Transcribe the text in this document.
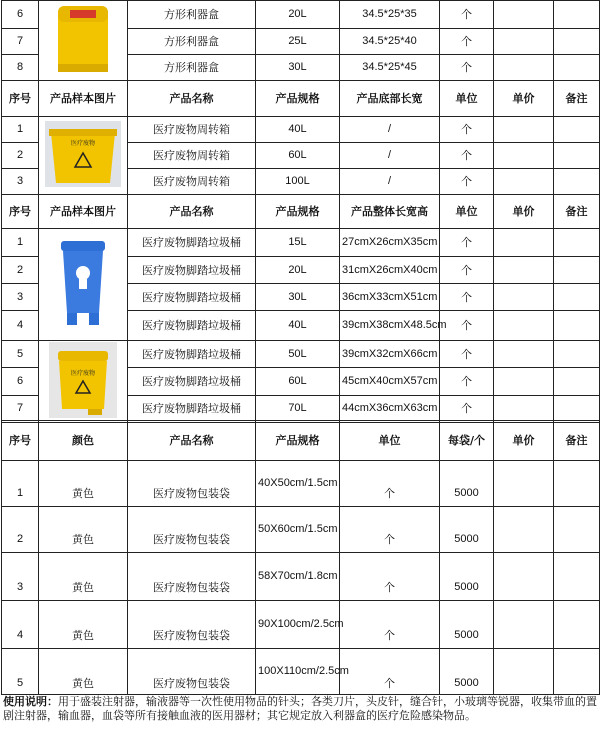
6		方形利器盒	20L	34.5*25*35	个		
7		方形利器盒	25L	34.5*25*40	个		
8		方形利器盒	30L	34.5*25*45	个		
序号	产品样本图片	产品名称	产品规格	产品底部长宽	单位	单价	备注
1	医疗废物	医疗废物周转箱	40L	/	个		
2		医疗废物周转箱	60L	/	个		
3		医疗废物周转箱	100L	/	个		
序号	产品样本图片	产品名称	产品规格	产品整体长宽高	单位	单价	备注
1		医疗废物脚踏垃圾桶	15L	27cmX26cmX35cm	个		
2		医疗废物脚踏垃圾桶	20L	31cmX26cmX40cm	个		
3		医疗废物脚踏垃圾桶	30L	36cmX33cmX51cm	个		
4		医疗废物脚踏垃圾桶	40L	39cmX38cmX48.5cm	个		
5	医疗废物	医疗废物脚踏垃圾桶	50L	39cmX32cmX66cm	个		
6		医疗废物脚踏垃圾桶	60L	45cmX40cmX57cm	个		
7		医疗废物脚踏垃圾桶	70L	44cmX36cmX63cm	个		
序号	颜色	产品名称	产品规格	单位	每袋/个	单价	备注
1	黄色	医疗废物包装袋	40X50cm/1.5cm	个	5000		
2	黄色	医疗废物包装袋	50X60cm/1.5cm	个	5000		
3	黄色	医疗废物包装袋	58X70cm/1.8cm	个	5000		
4	黄色	医疗废物包装袋	90X100cm/2.5cm	个	5000		
5	黄色	医疗废物包装袋	100X110cm/2.5cm	个	5000		
使用说明：用于盛装注射器，输液器等一次性使用物品的针头；各类刀片，头皮针，缝合针，小玻璃等锐器，收集带血的置剧注射器，输血器，血袋等所有接触血液的医用器材；其它规定放入利器盒的医疗危险感染物品。
